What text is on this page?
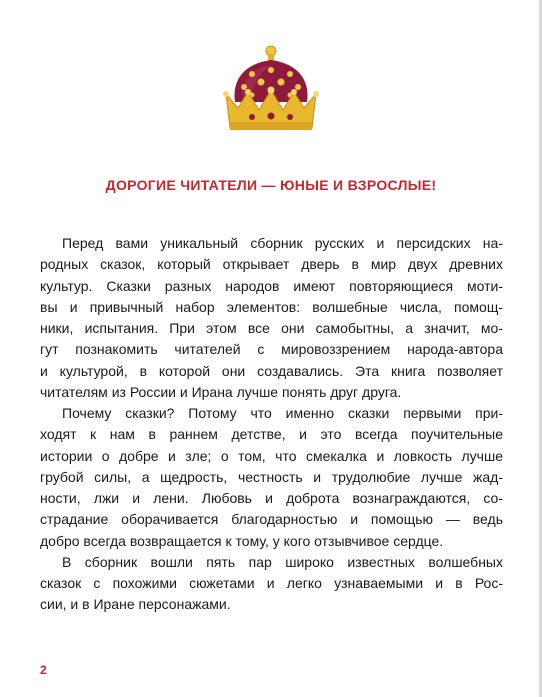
ДОРОГИЕ ЧИТАТЕЛИ — ЮНЫЕ И ВЗРОСЛЫЕ!
Перед вами уникальный сборник русских и персидских на-
родных сказок, который открывает дверь в мир двух древних
культур. Сказки разных народов имеют повторяющиеся моти-
вы и привычный набор элементов: волшебные числа, помощ-
ники, испытания. При этом все они самобытны, а значит, мо-
гут познакомить читателей с мировоззрением народа-автора
и культурой, в которой они создавались. Эта книга позволяет
читателям из России и Ирана лучше понять друг друга.
Почему сказки? Потому что именно сказки первыми при-
ходят к нам в раннем детстве, и это всегда поучительные
истории о добре и зле; о том, что смекалка и ловкость лучше
грубой силы, а щедрость, честность и трудолюбие лучше жад-
ности, лжи и лени. Любовь и доброта вознаграждаются, со-
страдание оборачивается благодарностью и помощью — ведь
добро всегда возвращается к тому, у кого отзывчивое сердце.
В сборник вошли пять пар широко известных волшебных
сказок с похожими сюжетами и легко узнаваемыми и в Рос-
сии, и в Иране персонажами.
2
